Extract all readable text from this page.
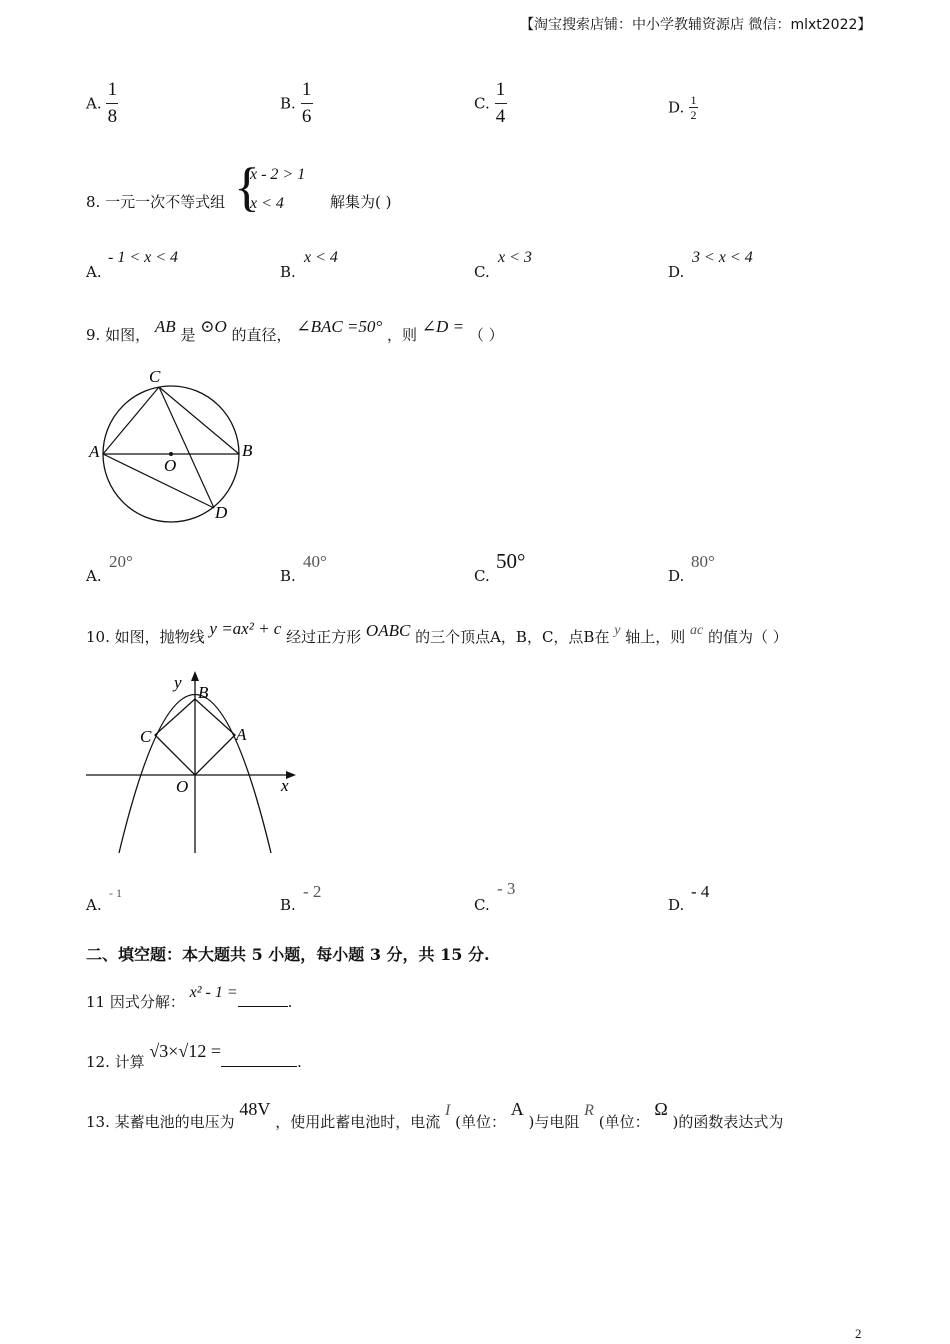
【淘宝搜索店铺：中小学教辅资源店 微信：mlxt2022】
A. $\frac{1}{8}$	B. $\frac{1}{6}$	C. $\frac{1}{4}$	D. $\frac{1}{2}$
8. 一元一次不等式组 {
x - 2 > 1
x < 4	解集为( )
A.
- 1 < x < 4
B.
x < 4
C.
x < 3
D.
3 < x < 4
9. 如图， AB 是 ⊙O 的直径， ∠BAC =50° ，则 ∠D = （ ）
C
A	B
O
D
A.
20°
B.
40°
C.
50°
D.
80°
10. 如图，抛物线 y =ax² + c 经过正方形 OABC 的三个顶点A，B，C，点B在 y 轴上，则 ac 的值为（ ）
y
B
C	A
O	x
A.
- 1
B.
- 2
C.
- 3
D.
- 4
二、填空题：本大题共 5 小题，每小题 3 分，共 15 分.
11 因式分解： x² - 1 =.
12. 计算 √3×√12 =.
13. 某蓄电池的电压为 48V ，使用此蓄电池时，电流 I (单位： A )与电阻 R (单位： Ω )的函数表达式为
2
